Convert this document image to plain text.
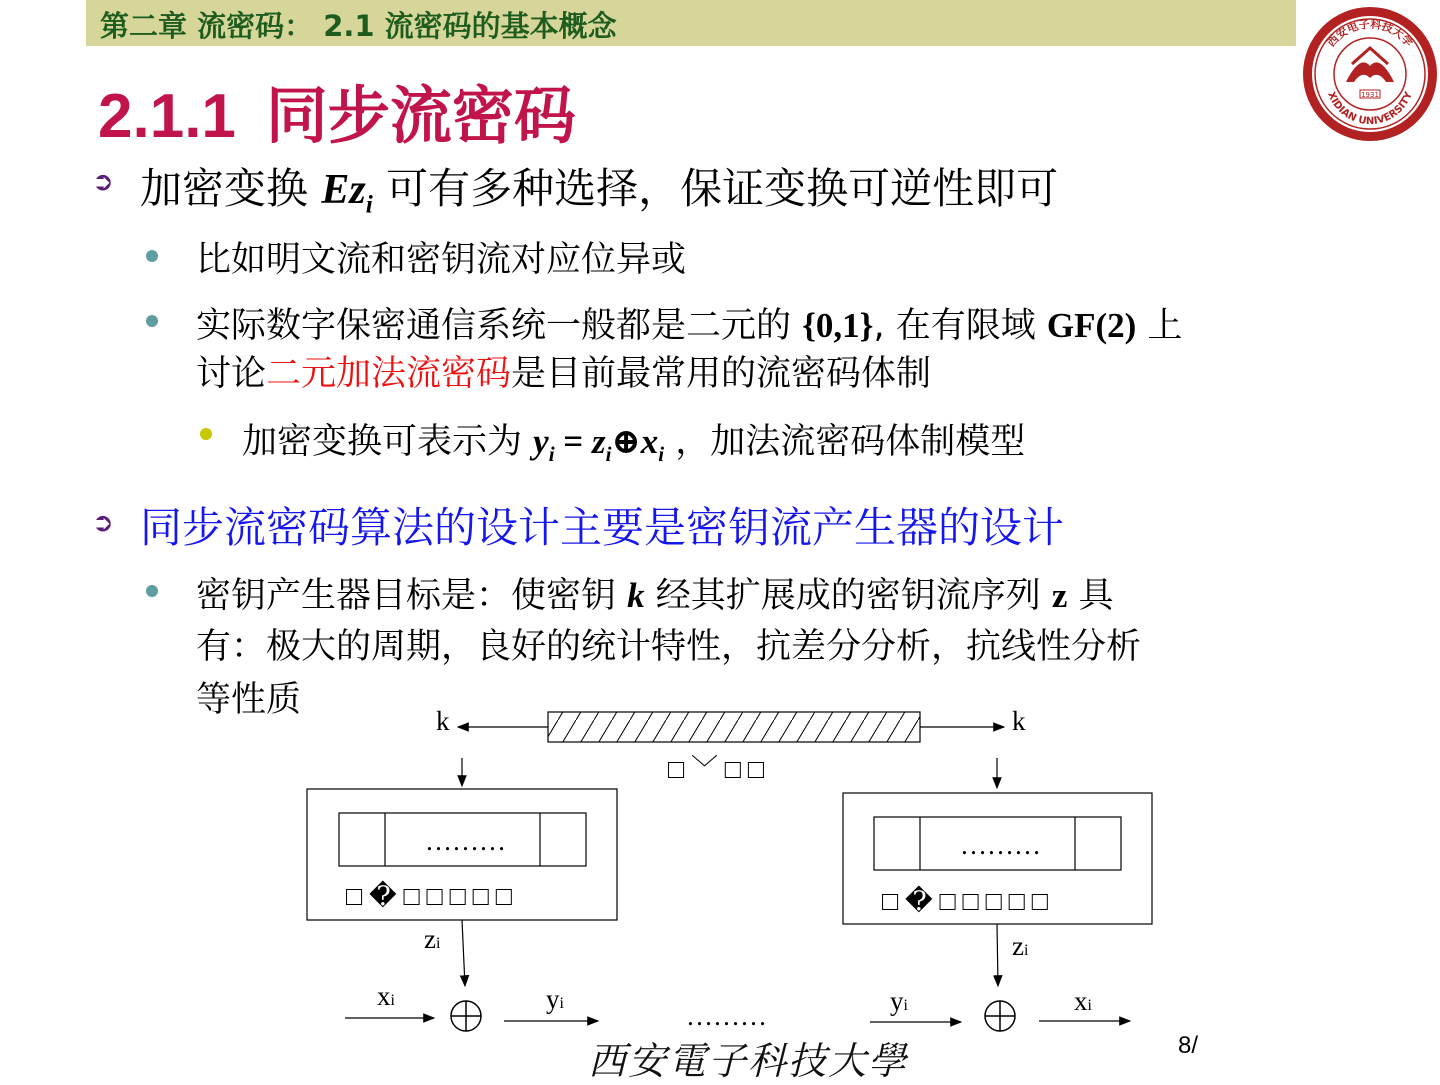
第二章 流密码： 2.1 流密码的基本概念
1931
西安电子科技大学
XIDIAN UNIVERSITY
2.1.1 同步流密码
➲ 加密变换 $Ez_i$ 可有多种选择，保证变换可逆性即可
比如明文流和密钥流对应位异或
实际数字保密通信系统一般都是二元的 {0,1}, 在有限域 GF(2) 上
讨论二元加法流密码是目前最常用的流密码体制
加密变换可表示为 $y_i$ = $z_i\oplus x_i$ ，加法流密码体制模型
➲ 同步流密码算法的设计主要是密钥流产生器的设计
密钥产生器目标是：使密钥 k 经其扩展成的密钥流序列 z 具
有：极大的周期，良好的统计特性，抗差分分析，抗线性分析
等性质
k	k
□ ﹀ □ □
………
□ � □ □ □ □ □
………
□ � □ □ □ □ □
zi	zi
xi	yi	………	yi	xi
西安電子科技大學	8/
